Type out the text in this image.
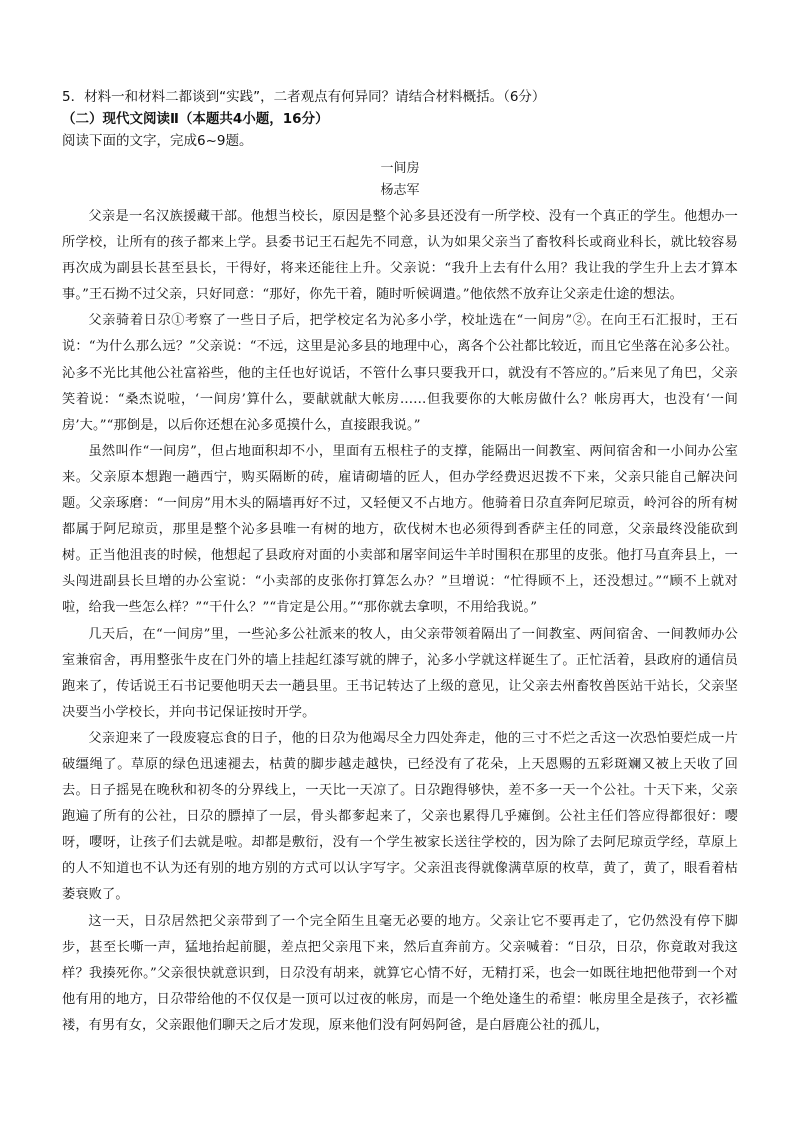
5．材料一和材料二都谈到“实践”，二者观点有何异同？请结合材料概括。（6分）

（二）现代文阅读Ⅱ（本题共4小题，16分）

阅读下面的文字，完成6~9题。

一间房

杨志军

父亲是一名汉族援藏干部。他想当校长，原因是整个沁多县还没有一所学校、没有一个真正的学生。他想办一所学校，让所有的孩子都来上学。县委书记王石起先不同意，认为如果父亲当了畜牧科长或商业科长，就比较容易再次成为副县长甚至县长，干得好，将来还能往上升。父亲说：“我升上去有什么用？我让我的学生升上去才算本事。”王石拗不过父亲，只好同意：“那好，你先干着，随时听候调遣。”他依然不放弃让父亲走仕途的想法。

父亲骑着日尕①考察了一些日子后，把学校定名为沁多小学，校址选在“一间房”②。在向王石汇报时，王石说：“为什么那么远？”父亲说：“不远，这里是沁多县的地理中心，离各个公社都比较近，而且它坐落在沁多公社。沁多不光比其他公社富裕些，他的主任也好说话，不管什么事只要我开口，就没有不答应的。”后来见了角巴，父亲笑着说：“桑杰说啦，‘一间房’算什么，要献就献大帐房……但我要你的大帐房做什么？帐房再大，也没有‘一间房’大。”“那倒是，以后你还想在沁多觅摸什么，直接跟我说。”

虽然叫作“一间房”，但占地面积却不小，里面有五根柱子的支撑，能隔出一间教室、两间宿舍和一小间办公室来。父亲原本想跑一趟西宁，购买隔断的砖，雇请砌墙的匠人，但办学经费迟迟拨不下来，父亲只能自己解决问题。父亲琢磨：“一间房”用木头的隔墙再好不过，又轻便又不占地方。他骑着日尕直奔阿尼琼贡，岭河谷的所有树都属于阿尼琼贡，那里是整个沁多县唯一有树的地方，砍伐树木也必须得到香萨主任的同意，父亲最终没能砍到树。正当他沮丧的时候，他想起了县政府对面的小卖部和屠宰间运牛羊时围积在那里的皮张。他打马直奔县上，一头闯进副县长旦增的办公室说：“小卖部的皮张你打算怎么办？”旦增说：“忙得顾不上，还没想过。”“顾不上就对啦，给我一些怎么样？”“干什么？”“肯定是公用。”“那你就去拿呗，不用给我说。”

几天后，在“一间房”里，一些沁多公社派来的牧人，由父亲带领着隔出了一间教室、两间宿舍、一间教师办公室兼宿舍，再用整张牛皮在门外的墙上挂起红漆写就的牌子，沁多小学就这样诞生了。正忙活着，县政府的通信员跑来了，传话说王石书记要他明天去一趟县里。王书记转达了上级的意见，让父亲去州畜牧兽医站干站长，父亲坚决要当小学校长，并向书记保证按时开学。

父亲迎来了一段废寝忘食的日子，他的日尕为他竭尽全力四处奔走，他的三寸不烂之舌这一次恐怕要烂成一片破缰绳了。草原的绿色迅速褪去，枯黄的脚步越走越快，已经没有了花朵，上天恩赐的五彩斑斓又被上天收了回去。日子摇晃在晚秋和初冬的分界线上，一天比一天凉了。日尕跑得够快，差不多一天一个公社。十天下来，父亲跑遍了所有的公社，日尕的膘掉了一层，骨头都奓起来了，父亲也累得几乎瘫倒。公社主任们答应得都很好：嘤呀，嘤呀，让孩子们去就是啦。却都是敷衍，没有一个学生被家长送往学校的，因为除了去阿尼琼贡学经，草原上的人不知道也不认为还有别的地方别的方式可以认字写字。父亲沮丧得就像满草原的枚草，黄了，黄了，眼看着枯萎衰败了。

这一天，日尕居然把父亲带到了一个完全陌生且毫无必要的地方。父亲让它不要再走了，它仍然没有停下脚步，甚至长嘶一声，猛地抬起前腿，差点把父亲甩下来，然后直奔前方。父亲喊着：“日尕，日尕，你竟敢对我这样？我揍死你。”父亲很快就意识到，日尕没有胡来，就算它心情不好，无精打采，也会一如既往地把他带到一个对他有用的地方，日尕带给他的不仅仅是一顶可以过夜的帐房，而是一个绝处逢生的希望：帐房里全是孩子，衣衫褴褛，有男有女，父亲跟他们聊天之后才发现，原来他们没有阿妈阿爸，是白唇鹿公社的孤儿，
